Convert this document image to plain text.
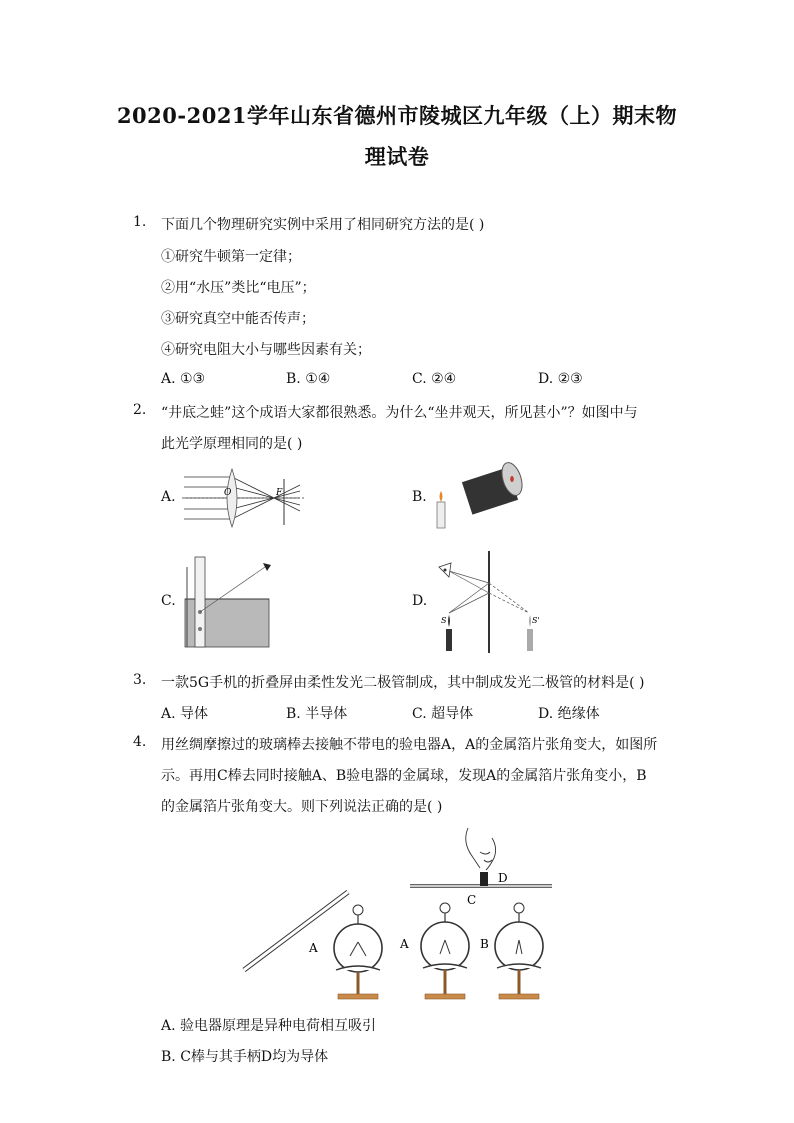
2020-2021学年山东省德州市陵城区九年级（上）期末物
理试卷
1. 下面几个物理研究实例中采用了相同研究方法的是( )
①研究牛顿第一定律；
②用“水压”类比“电压”；
③研究真空中能否传声；
④研究电阻大小与哪些因素有关；
A. ①③	B. ①④	C. ②④	D. ②③
2. “井底之蛙”这个成语大家都很熟悉。为什么“坐井观天，所见甚小”？如图中与
此光学原理相同的是( )
A.	B.
C.	D.
O	F
S	S'
3. 一款5G手机的折叠屏由柔性发光二极管制成，其中制成发光二极管的材料是( )
A. 导体	B. 半导体	C. 超导体	D. 绝缘体
4. 用丝绸摩擦过的玻璃棒去接触不带电的验电器A，A的金属箔片张角变大，如图所
示。再用C棒去同时接触A、B验电器的金属球，发现A的金属箔片张角变小，B
的金属箔片张角变大。则下列说法正确的是( )
D
C
A	A	B
A. 验电器原理是异种电荷相互吸引
B. C棒与其手柄D均为导体
